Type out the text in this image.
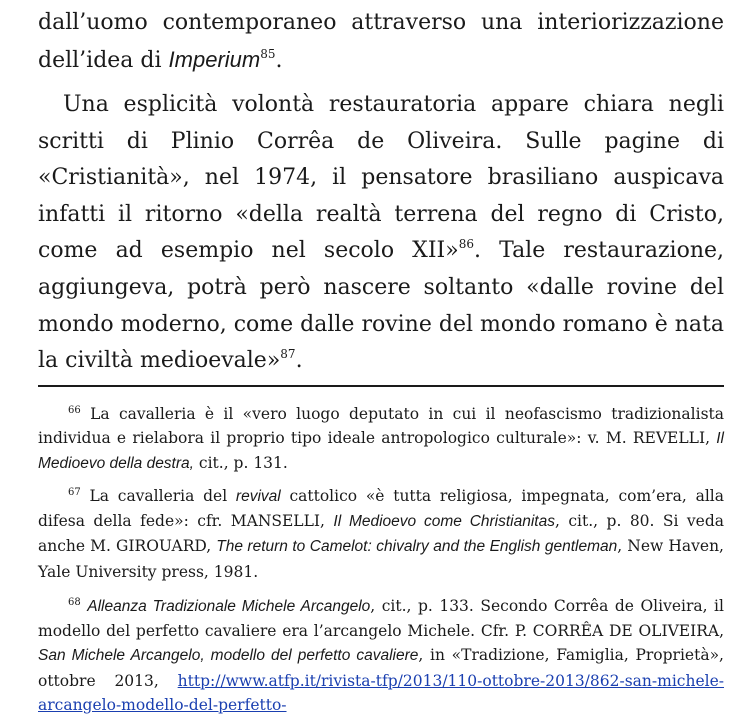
dall’uomo contemporaneo attraverso una interiorizzazione dell’idea di Imperium$^{85}$.

Una esplicità volontà restauratoria appare chiara negli scritti di Plinio Corrêa de Oliveira. Sulle pagine di «Cristianità», nel 1974, il pensatore brasiliano auspicava infatti il ritorno «della realtà terrena del regno di Cristo, come ad esempio nel secolo XII»$^{86}$. Tale restaurazione, aggiungeva, potrà però nascere soltanto «dalle rovine del mondo moderno, come dalle rovine del mondo romano è nata la civiltà medioevale»$^{87}$.

$^{66}$ La cavalleria è il «vero luogo deputato in cui il neofascismo tradizionalista individua e rielabora il proprio tipo ideale antropologico culturale»: v. M. REVELLI, Il Medioevo della destra, cit., p. 131.

$^{67}$ La cavalleria del revival cattolico «è tutta religiosa, impegnata, com’era, alla difesa della fede»: cfr. MANSELLI, Il Medioevo come Christianitas, cit., p. 80. Si veda anche M. GIROUARD, The return to Camelot: chivalry and the English gentleman, New Haven, Yale University press, 1981.

$^{68}$ Alleanza Tradizionale Michele Arcangelo, cit., p. 133. Secondo Corrêa de Oliveira, il modello del perfetto cavaliere era l’arcangelo Michele. Cfr. P. CORRÊA DE OLIVEIRA, San Michele Arcangelo, modello del perfetto cavaliere, in «Tradizione, Famiglia, Proprietà», ottobre 2013, http://www.atfp.it/rivista-tfp/2013/110-ottobre-2013/862-san-michele-arcangelo-modello-del-perfetto-
